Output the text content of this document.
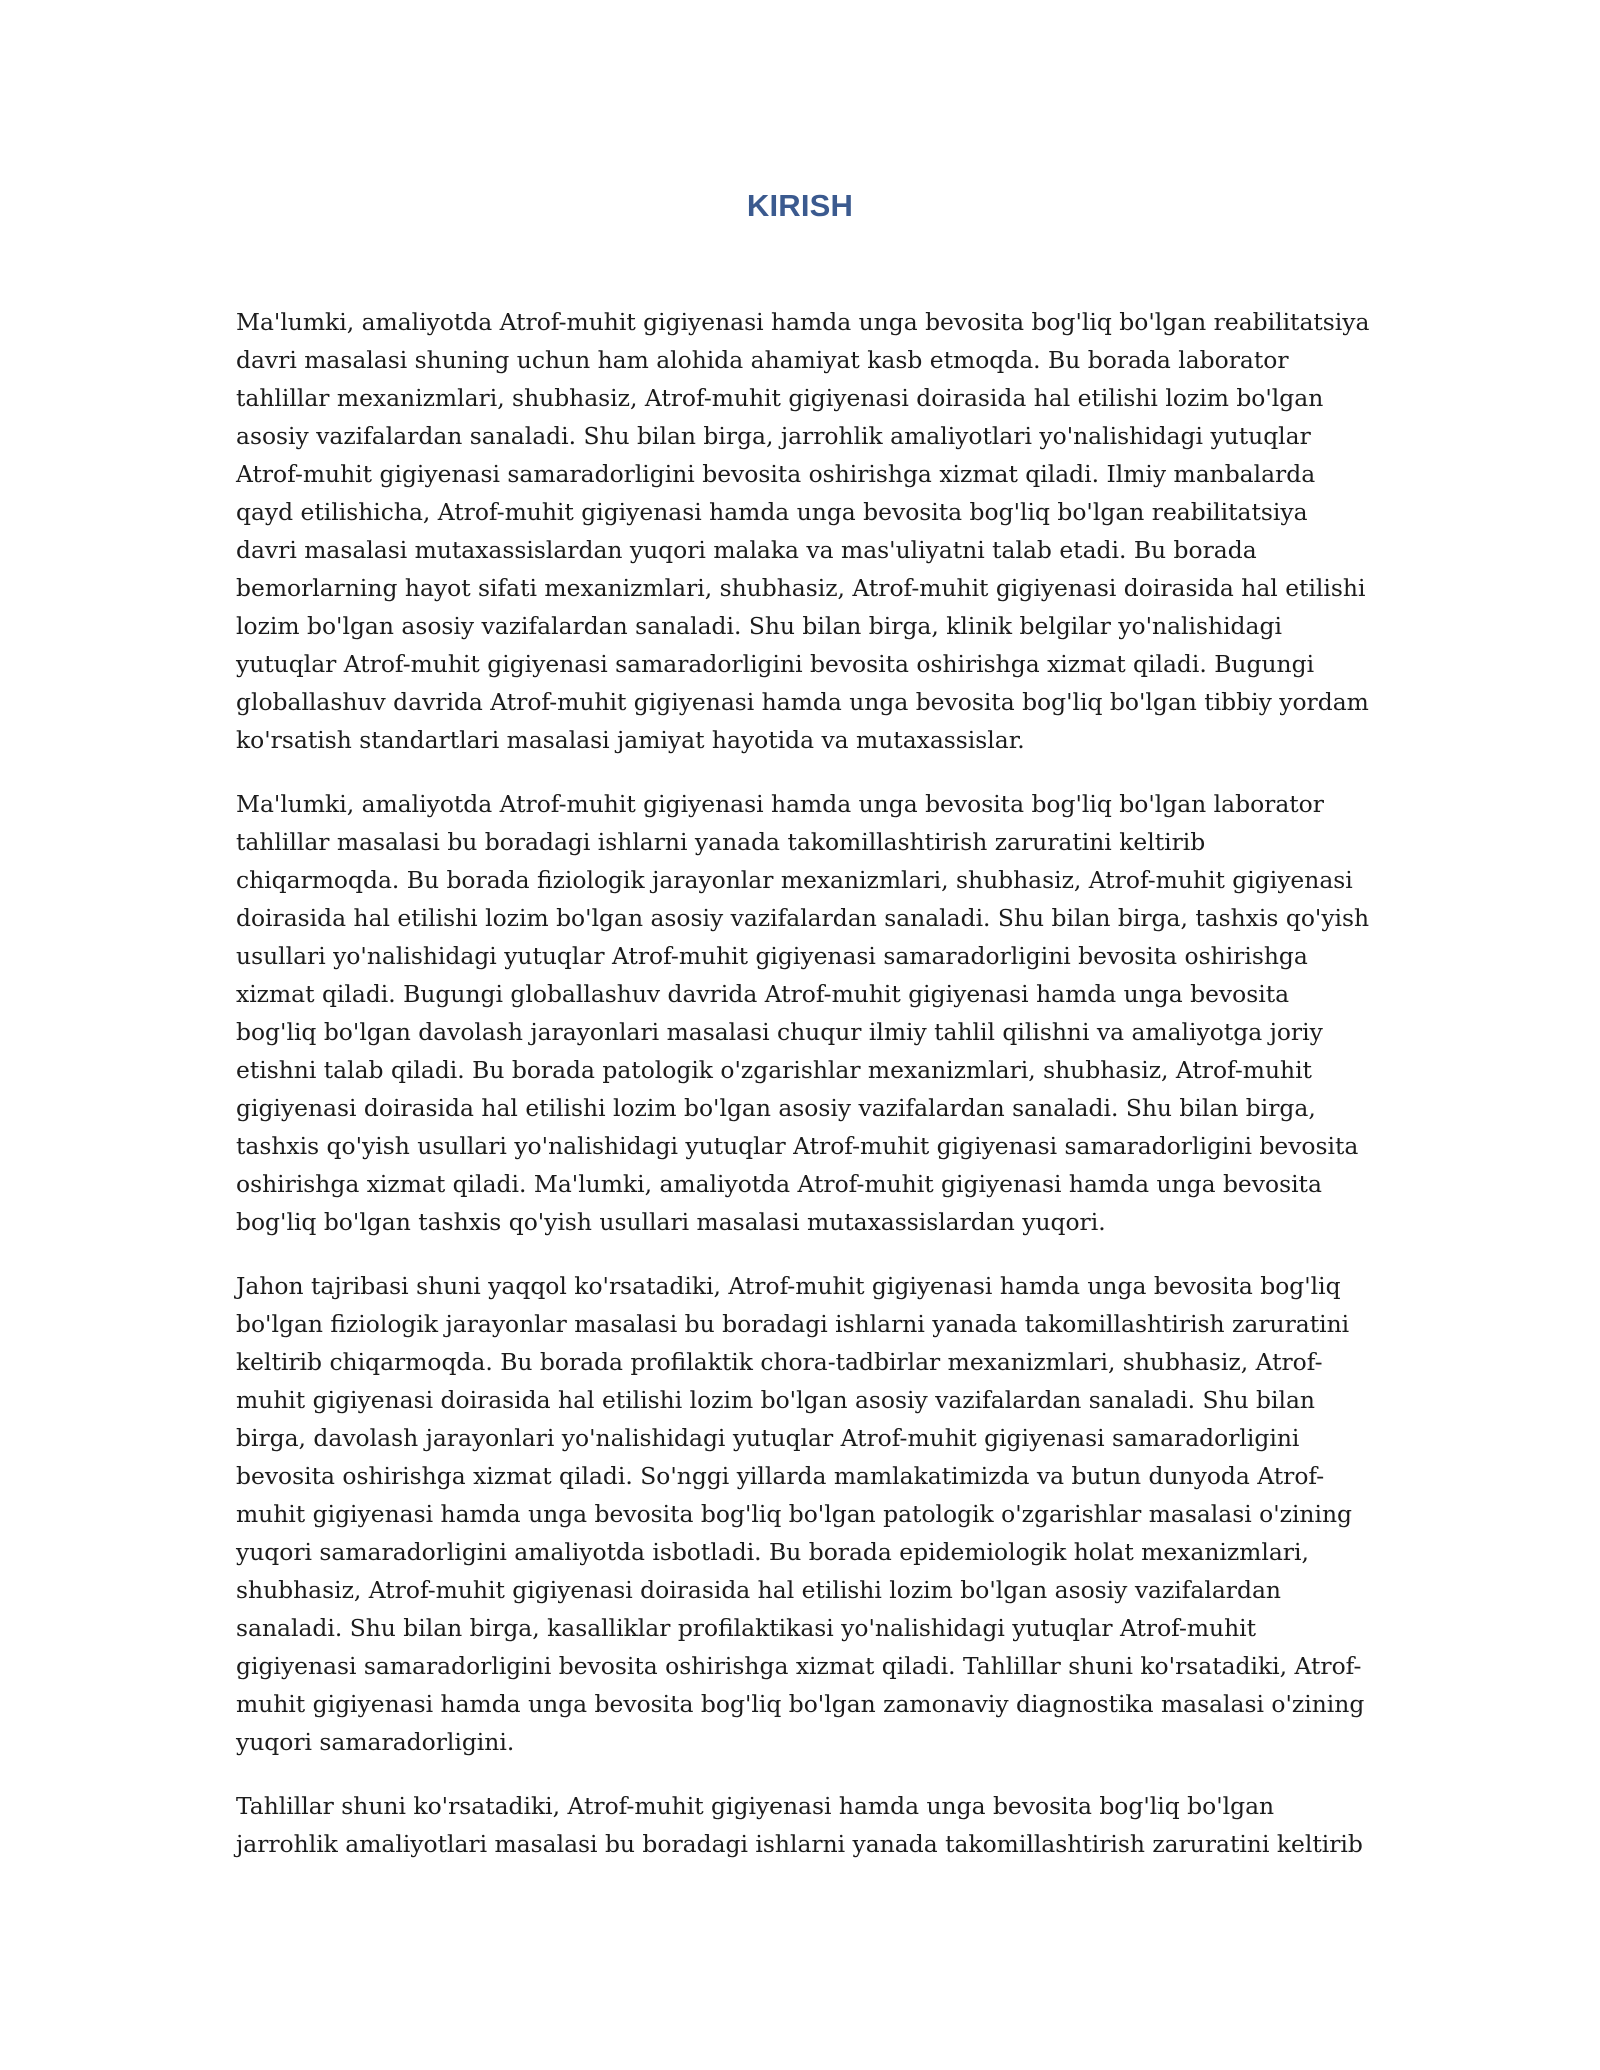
KIRISH

Ma'lumki, amaliyotda Atrof-muhit gigiyenasi hamda unga bevosita bog'liq bo'lgan reabilitatsiya davri masalasi shuning uchun ham alohida ahamiyat kasb etmoqda. Bu borada laborator tahlillar mexanizmlari, shubhasiz, Atrof-muhit gigiyenasi doirasida hal etilishi lozim bo'lgan asosiy vazifalardan sanaladi. Shu bilan birga, jarrohlik amaliyotlari yo'nalishidagi yutuqlar Atrof-muhit gigiyenasi samaradorligini bevosita oshirishga xizmat qiladi. Ilmiy manbalarda qayd etilishicha, Atrof-muhit gigiyenasi hamda unga bevosita bog'liq bo'lgan reabilitatsiya davri masalasi mutaxassislardan yuqori malaka va mas'uliyatni talab etadi. Bu borada bemorlarning hayot sifati mexanizmlari, shubhasiz, Atrof-muhit gigiyenasi doirasida hal etilishi lozim bo'lgan asosiy vazifalardan sanaladi. Shu bilan birga, klinik belgilar yo'nalishidagi yutuqlar Atrof-muhit gigiyenasi samaradorligini bevosita oshirishga xizmat qiladi. Bugungi globallashuv davrida Atrof-muhit gigiyenasi hamda unga bevosita bog'liq bo'lgan tibbiy yordam ko'rsatish standartlari masalasi jamiyat hayotida va mutaxassislar.

Ma'lumki, amaliyotda Atrof-muhit gigiyenasi hamda unga bevosita bog'liq bo'lgan laborator tahlillar masalasi bu boradagi ishlarni yanada takomillashtirish zaruratini keltirib chiqarmoqda. Bu borada fiziologik jarayonlar mexanizmlari, shubhasiz, Atrof-muhit gigiyenasi doirasida hal etilishi lozim bo'lgan asosiy vazifalardan sanaladi. Shu bilan birga, tashxis qo'yish usullari yo'nalishidagi yutuqlar Atrof-muhit gigiyenasi samaradorligini bevosita oshirishga xizmat qiladi. Bugungi globallashuv davrida Atrof-muhit gigiyenasi hamda unga bevosita bog'liq bo'lgan davolash jarayonlari masalasi chuqur ilmiy tahlil qilishni va amaliyotga joriy etishni talab qiladi. Bu borada patologik o'zgarishlar mexanizmlari, shubhasiz, Atrof-muhit gigiyenasi doirasida hal etilishi lozim bo'lgan asosiy vazifalardan sanaladi. Shu bilan birga, tashxis qo'yish usullari yo'nalishidagi yutuqlar Atrof-muhit gigiyenasi samaradorligini bevosita oshirishga xizmat qiladi. Ma'lumki, amaliyotda Atrof-muhit gigiyenasi hamda unga bevosita bog'liq bo'lgan tashxis qo'yish usullari masalasi mutaxassislardan yuqori.

Jahon tajribasi shuni yaqqol ko'rsatadiki, Atrof-muhit gigiyenasi hamda unga bevosita bog'liq bo'lgan fiziologik jarayonlar masalasi bu boradagi ishlarni yanada takomillashtirish zaruratini keltirib chiqarmoqda. Bu borada profilaktik chora-tadbirlar mexanizmlari, shubhasiz, Atrof-muhit gigiyenasi doirasida hal etilishi lozim bo'lgan asosiy vazifalardan sanaladi. Shu bilan birga, davolash jarayonlari yo'nalishidagi yutuqlar Atrof-muhit gigiyenasi samaradorligini bevosita oshirishga xizmat qiladi. So'nggi yillarda mamlakatimizda va butun dunyoda Atrof-muhit gigiyenasi hamda unga bevosita bog'liq bo'lgan patologik o'zgarishlar masalasi o'zining yuqori samaradorligini amaliyotda isbotladi. Bu borada epidemiologik holat mexanizmlari, shubhasiz, Atrof-muhit gigiyenasi doirasida hal etilishi lozim bo'lgan asosiy vazifalardan sanaladi. Shu bilan birga, kasalliklar profilaktikasi yo'nalishidagi yutuqlar Atrof-muhit gigiyenasi samaradorligini bevosita oshirishga xizmat qiladi. Tahlillar shuni ko'rsatadiki, Atrof-muhit gigiyenasi hamda unga bevosita bog'liq bo'lgan zamonaviy diagnostika masalasi o'zining yuqori samaradorligini.

Tahlillar shuni ko'rsatadiki, Atrof-muhit gigiyenasi hamda unga bevosita bog'liq bo'lgan jarrohlik amaliyotlari masalasi bu boradagi ishlarni yanada takomillashtirish zaruratini keltirib
